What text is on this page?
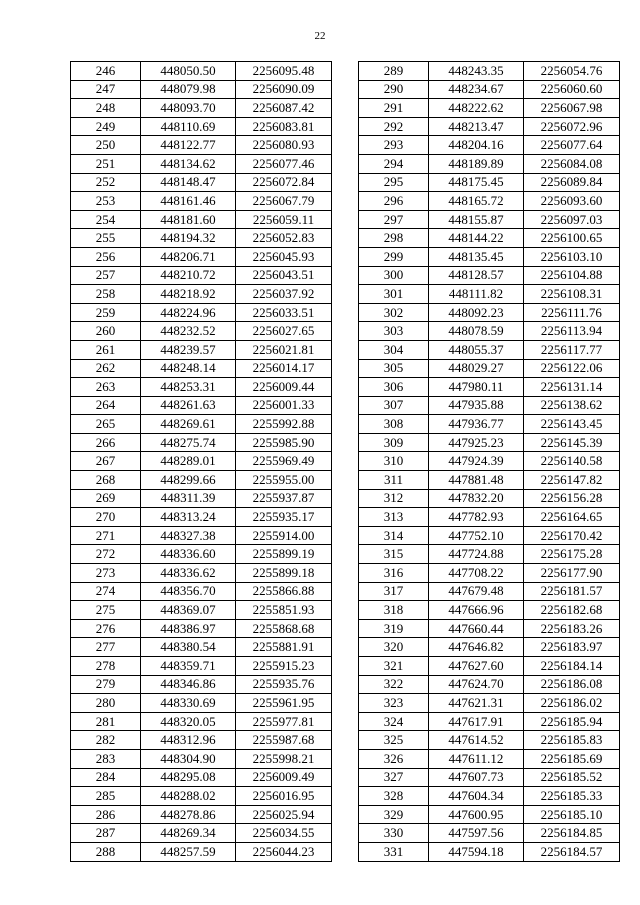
22
246	448050.50	2256095.48
247	448079.98	2256090.09
248	448093.70	2256087.42
249	448110.69	2256083.81
250	448122.77	2256080.93
251	448134.62	2256077.46
252	448148.47	2256072.84
253	448161.46	2256067.79
254	448181.60	2256059.11
255	448194.32	2256052.83
256	448206.71	2256045.93
257	448210.72	2256043.51
258	448218.92	2256037.92
259	448224.96	2256033.51
260	448232.52	2256027.65
261	448239.57	2256021.81
262	448248.14	2256014.17
263	448253.31	2256009.44
264	448261.63	2256001.33
265	448269.61	2255992.88
266	448275.74	2255985.90
267	448289.01	2255969.49
268	448299.66	2255955.00
269	448311.39	2255937.87
270	448313.24	2255935.17
271	448327.38	2255914.00
272	448336.60	2255899.19
273	448336.62	2255899.18
274	448356.70	2255866.88
275	448369.07	2255851.93
276	448386.97	2255868.68
277	448380.54	2255881.91
278	448359.71	2255915.23
279	448346.86	2255935.76
280	448330.69	2255961.95
281	448320.05	2255977.81
282	448312.96	2255987.68
283	448304.90	2255998.21
284	448295.08	2256009.49
285	448288.02	2256016.95
286	448278.86	2256025.94
287	448269.34	2256034.55
288	448257.59	2256044.23
289	448243.35	2256054.76
290	448234.67	2256060.60
291	448222.62	2256067.98
292	448213.47	2256072.96
293	448204.16	2256077.64
294	448189.89	2256084.08
295	448175.45	2256089.84
296	448165.72	2256093.60
297	448155.87	2256097.03
298	448144.22	2256100.65
299	448135.45	2256103.10
300	448128.57	2256104.88
301	448111.82	2256108.31
302	448092.23	2256111.76
303	448078.59	2256113.94
304	448055.37	2256117.77
305	448029.27	2256122.06
306	447980.11	2256131.14
307	447935.88	2256138.62
308	447936.77	2256143.45
309	447925.23	2256145.39
310	447924.39	2256140.58
311	447881.48	2256147.82
312	447832.20	2256156.28
313	447782.93	2256164.65
314	447752.10	2256170.42
315	447724.88	2256175.28
316	447708.22	2256177.90
317	447679.48	2256181.57
318	447666.96	2256182.68
319	447660.44	2256183.26
320	447646.82	2256183.97
321	447627.60	2256184.14
322	447624.70	2256186.08
323	447621.31	2256186.02
324	447617.91	2256185.94
325	447614.52	2256185.83
326	447611.12	2256185.69
327	447607.73	2256185.52
328	447604.34	2256185.33
329	447600.95	2256185.10
330	447597.56	2256184.85
331	447594.18	2256184.57
